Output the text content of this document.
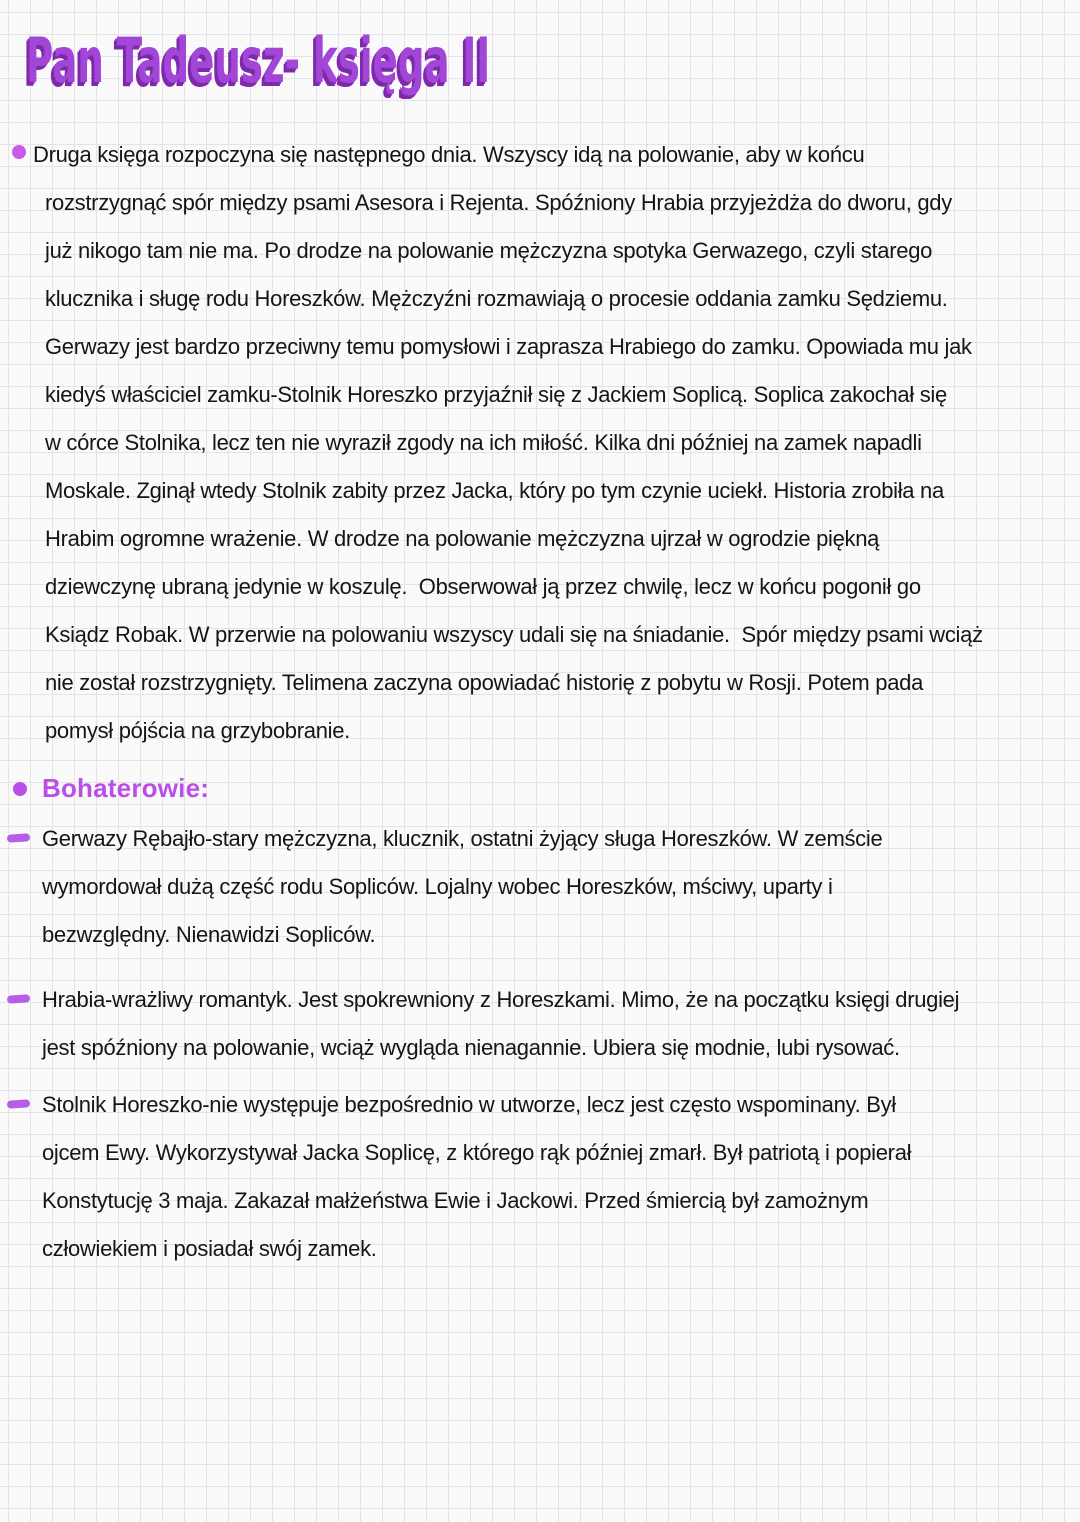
Pan Tadeusz- księga II
Druga księga rozpoczyna się następnego dnia. Wszyscy idą na polowanie, aby w końcu
rozstrzygnąć spór między psami Asesora i Rejenta. Spóźniony Hrabia przyjeżdża do dworu, gdy
już nikogo tam nie ma. Po drodze na polowanie mężczyzna spotyka Gerwazego, czyli starego
klucznika i sługę rodu Horeszków. Mężczyźni rozmawiają o procesie oddania zamku Sędziemu.
Gerwazy jest bardzo przeciwny temu pomysłowi i zaprasza Hrabiego do zamku. Opowiada mu jak
kiedyś właściciel zamku-Stolnik Horeszko przyjaźnił się z Jackiem Soplicą. Soplica zakochał się
w córce Stolnika, lecz ten nie wyraził zgody na ich miłość. Kilka dni później na zamek napadli
Moskale. Zginął wtedy Stolnik zabity przez Jacka, który po tym czynie uciekł. Historia zrobiła na
Hrabim ogromne wrażenie. W drodze na polowanie mężczyzna ujrzał w ogrodzie piękną
dziewczynę ubraną jedynie w koszulę.  Obserwował ją przez chwilę, lecz w końcu pogonił go
Ksiądz Robak. W przerwie na polowaniu wszyscy udali się na śniadanie.  Spór między psami wciąż
nie został rozstrzygnięty. Telimena zaczyna opowiadać historię z pobytu w Rosji. Potem pada
pomysł pójścia na grzybobranie.
Bohaterowie:
Gerwazy Rębajło-stary mężczyzna, klucznik, ostatni żyjący sługa Horeszków. W zemście
wymordował dużą część rodu Sopliców. Lojalny wobec Horeszków, mściwy, uparty i
bezwzględny. Nienawidzi Sopliców.
Hrabia-wrażliwy romantyk. Jest spokrewniony z Horeszkami. Mimo, że na początku księgi drugiej
jest spóźniony na polowanie, wciąż wygląda nienagannie. Ubiera się modnie, lubi rysować.
Stolnik Horeszko-nie występuje bezpośrednio w utworze, lecz jest często wspominany. Był
ojcem Ewy. Wykorzystywał Jacka Soplicę, z którego rąk później zmarł. Był patriotą i popierał
Konstytucję 3 maja. Zakazał małżeństwa Ewie i Jackowi. Przed śmiercią był zamożnym
człowiekiem i posiadał swój zamek.
